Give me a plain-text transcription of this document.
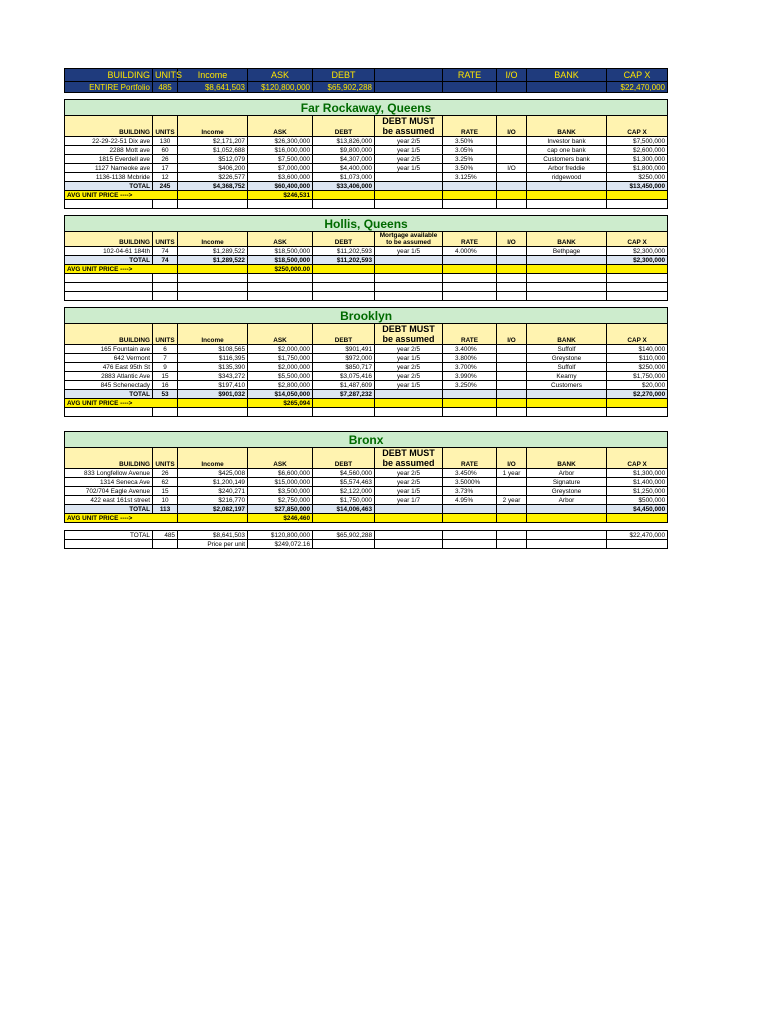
BUILDING	UNITS	Income	ASK	DEBT		RATE	I/O	BANK	CAP X
ENTIRE Portfolio	485	$8,641,503	$120,800,000	$65,902,288					$22,470,000
Far Rockaway, Queens									
BUILDING	UNITS	Income	ASK	DEBT	DEBT MUST be assumed	RATE	I/O	BANK	CAP X
22-29-22-51 Dix ave	130	$2,171,207	$26,300,000	$13,826,000	year 2/5	3.50%		Investor bank	$7,500,000
2288 Mott ave	60	$1,052,688	$16,000,000	$9,800,000	year 1/5	3.05%		cap one bank	$2,600,000
1815 Everdell ave	26	$512,079	$7,500,000	$4,307,000	year 2/5	3.25%		Customers bank	$1,300,000
1127 Nameoke ave	17	$406,200	$7,000,000	$4,400,000	year 1/5	3.50%	I/O	Arbor freddie	$1,800,000
1136-1138 Mcbride	12	$226,577	$3,600,000	$1,073,000		3.125%		ridgewood	$250,000
TOTAL	245	$4,368,752	$60,400,000	$33,406,000					$13,450,000
AVG UNIT PRICE ---->			$246,531						

Hollis, Queens									
BUILDING	UNITS	Income	ASK	DEBT	Mortgage available to be assumed	RATE	I/O	BANK	CAP X
102-04-61 184th	74	$1,289,522	$18,500,000	$11,202,593	year 1/5	4.000%		Bethpage	$2,300,000
TOTAL	74	$1,289,522	$18,500,000	$11,202,593					$2,300,000
AVG UNIT PRICE ---->			$250,000.00						

Brooklyn									
BUILDING	UNITS	Income	ASK	DEBT	DEBT MUST be assumed	RATE	I/O	BANK	CAP X
165 Fountain ave	6	$108,565	$2,000,000	$901,491	year 2/5	3.400%		Suffolf	$140,000
642 Vermont	7	$116,395	$1,750,000	$972,000	year 1/5	3.800%		Greystone	$110,000
476 East 95th St	9	$135,390	$2,000,000	$850,717	year 2/5	3.700%		Suffolf	$250,000
2883 Atlantic Ave	15	$343,272	$5,500,000	$3,075,416	year 2/5	3.990%		Kearny	$1,750,000
845 Schenectady	16	$197,410	$2,800,000	$1,487,609	year 1/5	3.250%		Customers	$20,000
TOTAL	53	$901,032	$14,050,000	$7,287,232					$2,270,000
AVG UNIT PRICE ---->			$265,094						

Bronx									
BUILDING	UNITS	Income	ASK	DEBT	DEBT MUST be assumed	RATE	I/O	BANK	CAP X
833 Longfellow Avenue	26	$425,008	$6,600,000	$4,560,000	year 2/5	3.450%	1 year	Arbor	$1,300,000
1314 Seneca Ave	62	$1,200,149	$15,000,000	$5,574,463	year 2/5	3.5000%		Signature	$1,400,000
702/704 Eagle Avenue	15	$240,271	$3,500,000	$2,122,000	year 1/5	3.73%		Greystone	$1,250,000
422 east 161st street	10	$216,770	$2,750,000	$1,750,000	year 1/7	4.95%	2 year	Arbor	$500,000
TOTAL	113	$2,082,197	$27,850,000	$14,006,463					$4,450,000
AVG UNIT PRICE ---->			$246,460						
TOTAL	485	$8,641,503	$120,800,000	$65,902,288					$22,470,000
		Price per unit	$249,072.16						
